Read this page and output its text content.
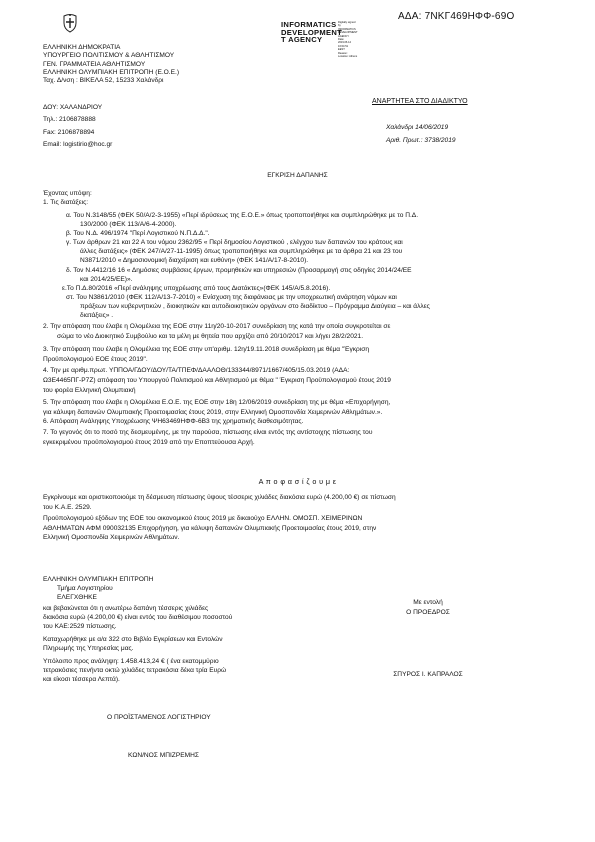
ΑΔΑ: 7ΝΚΓ469ΗΦΦ-69Ο
INFORMATICS
DEVELOPMENT
T AGENCY
Digitally signed by
INFORMATICS
DEVELOPMENT AGENCY
Date:
2019.06.14 16:04:51
EEST
Reason:
Location: Athens
ΕΛΛΗΝΙΚΗ ΔΗΜΟΚΡΑΤΙΑ
ΥΠΟΥΡΓΕΙΟ ΠΟΛΙΤΙΣΜΟΥ & ΑΘΛΗΤΙΣΜΟΥ
ΓΕΝ. ΓΡΑΜΜΑΤΕΙΑ ΑΘΛΗΤΙΣΜΟΥ
ΕΛΛΗΝΙΚΗ ΟΛΥΜΠΙΑΚΗ ΕΠΙΤΡΟΠΗ (Ε.Ο.Ε.)
Ταχ. Δ/νση : ΒΙΚΕΛΑ 52, 15233 Χαλάνδρι
ΔΟΥ: ΧΑΛΑΝΔΡΙΟΥ
Τηλ.: 2106878888
Fax: 2106878894
Email: logistirio@hoc.gr
ΑΝΑΡΤΗΤΕΑ ΣΤΟ ΔΙΑΔΙΚΤΥΟ
Χαλάνδρι 14/06/2019
Αριθ. Πρωτ.: 3738/2019
ΕΓΚΡΙΣΗ ΔΑΠΑΝΗΣ
Έχοντας υπόψη:
1. Τις διατάξεις:
α. Του Ν.3148/55 (ΦΕΚ 50/Α/2-3-1955) «Περί ιδρύσεως της Ε.Ο.Ε.» όπως τροποποιήθηκε και συμπληρώθηκε με το Π.Δ.
130/2000 (ΦΕΚ 113/Α/6-4-2000).
β. Του Ν.Δ. 496/1974 "Περί Λογιστικού Ν.Π.Δ.Δ.".
γ. Των άρθρων 21 και 22 Α του νόμου 2362/95 « Περί δημοσίου Λογιστικού , ελέγχου των δαπανών του κράτους και
άλλες διατάξεις» (ΦΕΚ 247/Α/27-11-1995) όπως τροποποιήθηκε και συμπληρώθηκε με τα άρθρα 21 και 23 του
Ν3871/2010 « Δημοσιονομική διαχείριση και ευθύνη» (ΦΕΚ 141/Α/17-8-2010).
δ. Τον Ν.4412/16 16 « Δημόσιες συμβάσεις έργων, προμηθειών και υπηρεσιών (Προσαρμογή στις οδηγίες 2014/24/ΕΕ
και 2014/25/ΕΕ)».
ε.Το Π.Δ.80/2016 «Περί ανάληψης υποχρέωσης από τους Διατάκτες»(ΦΕΚ 145/Α/5.8.2016).
στ. Του Ν3861/2010 (ΦΕΚ 112/Α/13-7-2010) « Ενίσχυση της διαφάνειας με την υποχρεωτική ανάρτηση νόμων και
πράξεων των κυβερνητικών , διοικητικών και αυτοδιοικητικών οργάνων στο διαδίκτυο – Πρόγραμμα Διαύγεια – και άλλες
διατάξεις» .
2. Την απόφαση που έλαβε η Ολομέλεια της ΕΟΕ στην 11η/20-10-2017 συνεδρίαση της κατά την οποία συγκροτείται σε
σώμα το νέο Διοικητικό Συμβούλιο και τα μέλη με θητεία που αρχίζει από 20/10/2017 και λήγει 28/2/2021.
3. Την απόφαση που έλαβε η Ολομέλεια της ΕΟΕ στην υπ'αριθμ. 12η/19.11.2018 συνεδρίαση με θέμα "Έγκριση
Προϋπολογισμού ΕΟΕ έτους 2019".
4. Την με αριθμ.πρωτ. ΥΠΠΟΑ/ΓΔΟΥ/ΔΟΥ/ΤΑ/ΤΠΕΦ/ΔΑΑΛΟΘ/133344/8971/1667/405/15.03.2019 (ΑΔΑ:
Ω3Ε4465ΠΓ-Ρ7Ζ) απόφαση του Υπουργού Πολιτισμού και Αθλητισμού με θέμα " Έγκριση Προϋπολογισμού έτους 2019
του φορέα Ελληνική Ολυμπιακή
5. Την απόφαση που έλαβε η Ολομέλεια Ε.Ο.Ε. της ΕΟΕ στην 18η 12/06/2019 συνεδρίαση της με θέμα «Επιχορήγηση,
για κάλυψη δαπανών Ολυμπιακής Προετοιμασίας έτους 2019, στην Ελληνική Ομοσπονδία Χειμερινών Αθλημάτων.».
6. Απόφαση Ανάληψης Υποχρέωσης ΨΗ63469ΗΦΦ-6Β3 της χρηματικής διαθεσιμότητας.
7. Το γεγονός ότι το ποσό της δεσμευμένης, με την παρούσα, πίστωσης είναι εντός της αντίστοιχης πίστωσης του
εγκεκριμένου προϋπολογισμού έτους 2019 από την Εποπτεύουσα Αρχή.
Α π ο φ α σ ί ζ ο υ μ ε
Εγκρίνουμε και οριστικοποιούμε τη δέσμευση πίστωσης ύψους τέσσερις χιλιάδες διακόσια ευρώ (4.200,00 €) σε πίστωση
του Κ.Α.Ε. 2529.
Προϋπολογισμού εξόδων της ΕΟΕ του οικονομικού έτους 2019 με δικαιούχο ΕΛΛΗΝ. ΟΜΟΣΠ. ΧΕΙΜΕΡΙΝΩΝ
ΑΘΛΗΜΑΤΩΝ ΑΦΜ 090032135 Επιχορήγηση, για κάλυψη δαπανών Ολυμπιακής Προετοιμασίας έτους 2019, στην
Ελληνική Ομοσπονδία Χειμερινών Αθλημάτων.
ΕΛΛΗΝΙΚΗ ΟΛΥΜΠΙΑΚΗ ΕΠΙΤΡΟΠΗ
Τμήμα Λογιστηρίου
ΕΛΕΓΧΘΗΚΕ
και βεβαιώνεται ότι η ανωτέρω δαπάνη τέσσερις χιλιάδες
διακόσια ευρώ (4.200,00 €) είναι εντός του διαθέσιμου ποσοστού
του ΚΑΕ:2529 πίστωσης.
Καταχωρήθηκε με α/α 322 στο Βιβλίο Εγκρίσεων και Εντολών
Πληρωμής της Υπηρεσίας μας.
Υπόλοιπο προς ανάληψη: 1.458.413,24 € ( ένα εκατομμύριο
τετρακόσιες πενήντα οκτώ χιλιάδες τετρακόσια δέκα τρία Ευρώ
και είκοσι τέσσερα Λεπτά).
Με εντολή
Ο ΠΡΟΕΔΡΟΣ
ΣΠΥΡΟΣ Ι. ΚΑΠΡΑΛΟΣ
Ο ΠΡΟΪΣΤΑΜΕΝΟΣ ΛΟΓΙΣΤΗΡΙΟΥ
ΚΩΝ/ΝΟΣ ΜΠΙΖΡΕΜΗΣ
